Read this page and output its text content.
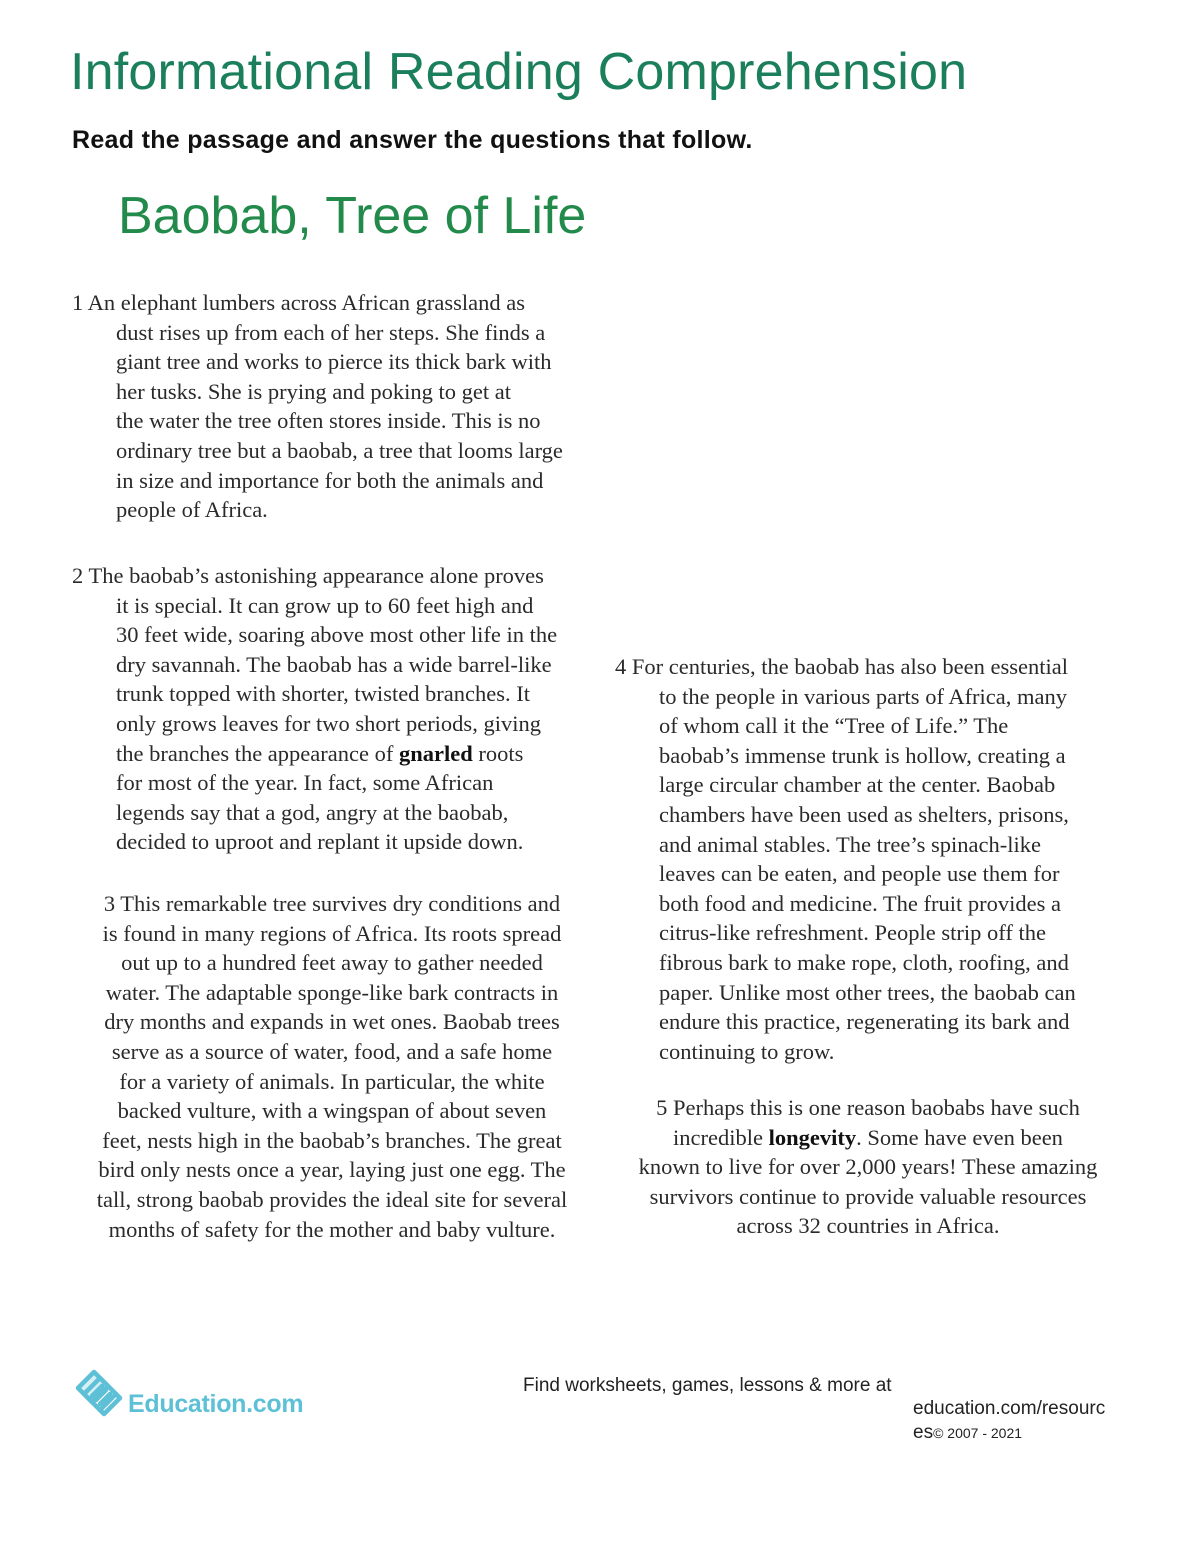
Informational Reading Comprehension
Read the passage and answer the questions that follow.
Baobab, Tree of Life
1 An elephant lumbers across African grassland as
dust rises up from each of her steps. She finds a
giant tree and works to pierce its thick bark with
her tusks. She is prying and poking to get at
the water the tree often stores inside. This is no
ordinary tree but a baobab, a tree that looms large
in size and importance for both the animals and
people of Africa.
2 The baobab’s astonishing appearance alone proves
it is special. It can grow up to 60 feet high and
30 feet wide, soaring above most other life in the
dry savannah. The baobab has a wide barrel-like
trunk topped with shorter, twisted branches. It
only grows leaves for two short periods, giving
the branches the appearance of gnarled roots
for most of the year. In fact, some African
legends say that a god, angry at the baobab,
decided to uproot and replant it upside down.
3 This remarkable tree survives dry conditions and
is found in many regions of Africa. Its roots spread
out up to a hundred feet away to gather needed
water. The adaptable sponge-like bark contracts in
dry months and expands in wet ones. Baobab trees
serve as a source of water, food, and a safe home
for a variety of animals. In particular, the white
backed vulture, with a wingspan of about seven
feet, nests high in the baobab’s branches. The great
bird only nests once a year, laying just one egg. The
tall, strong baobab provides the ideal site for several
months of safety for the mother and baby vulture.
4 For centuries, the baobab has also been essential
to the people in various parts of Africa, many
of whom call it the “Tree of Life.” The
baobab’s immense trunk is hollow, creating a
large circular chamber at the center. Baobab
chambers have been used as shelters, prisons,
and animal stables. The tree’s spinach-like
leaves can be eaten, and people use them for
both food and medicine. The fruit provides a
citrus-like refreshment. People strip off the
fibrous bark to make rope, cloth, roofing, and
paper. Unlike most other trees, the baobab can
endure this practice, regenerating its bark and
continuing to grow.
5 Perhaps this is one reason baobabs have such
incredible longevity. Some have even been
known to live for over 2,000 years! These amazing
survivors continue to provide valuable resources
across 32 countries in Africa.
Education.com
Find worksheets, games, lessons & more at
education.com/resourc
es© 2007 - 2021
